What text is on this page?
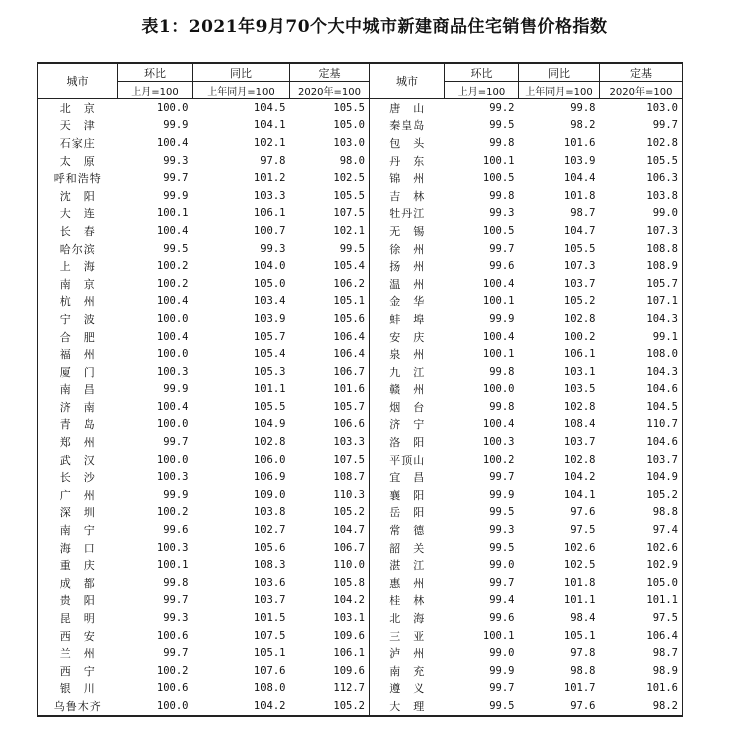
表1：2021年9月70个大中城市新建商品住宅销售价格指数
城市	环比	同比	定基	城市	环比	同比	定基
	上月=100	上年同月=100	2020年=100		上月=100	上年同月=100	2020年=100
北　京	100.0	104.5	105.5	唐　山	99.2	99.8	103.0
天　津	99.9	104.1	105.0	秦皇岛	99.5	98.2	99.7
石家庄	100.4	102.1	103.0	包　头	99.8	101.6	102.8
太　原	99.3	97.8	98.0	丹　东	100.1	103.9	105.5
呼和浩特	99.7	101.2	102.5	锦　州	100.5	104.4	106.3
沈　阳	99.9	103.3	105.5	吉　林	99.8	101.8	103.8
大　连	100.1	106.1	107.5	牡丹江	99.3	98.7	99.0
长　春	100.4	100.7	102.1	无　锡	100.5	104.7	107.3
哈尔滨	99.5	99.3	99.5	徐　州	99.7	105.5	108.8
上　海	100.2	104.0	105.4	扬　州	99.6	107.3	108.9
南　京	100.2	105.0	106.2	温　州	100.4	103.7	105.7
杭　州	100.4	103.4	105.1	金　华	100.1	105.2	107.1
宁　波	100.0	103.9	105.6	蚌　埠	99.9	102.8	104.3
合　肥	100.4	105.7	106.4	安　庆	100.4	100.2	99.1
福　州	100.0	105.4	106.4	泉　州	100.1	106.1	108.0
厦　门	100.3	105.3	106.7	九　江	99.8	103.1	104.3
南　昌	99.9	101.1	101.6	赣　州	100.0	103.5	104.6
济　南	100.4	105.5	105.7	烟　台	99.8	102.8	104.5
青　岛	100.0	104.9	106.6	济　宁	100.4	108.4	110.7
郑　州	99.7	102.8	103.3	洛　阳	100.3	103.7	104.6
武　汉	100.0	106.0	107.5	平顶山	100.2	102.8	103.7
长　沙	100.3	106.9	108.7	宜　昌	99.7	104.2	104.9
广　州	99.9	109.0	110.3	襄　阳	99.9	104.1	105.2
深　圳	100.2	103.8	105.2	岳　阳	99.5	97.6	98.8
南　宁	99.6	102.7	104.7	常　德	99.3	97.5	97.4
海　口	100.3	105.6	106.7	韶　关	99.5	102.6	102.6
重　庆	100.1	108.3	110.0	湛　江	99.0	102.5	102.9
成　都	99.8	103.6	105.8	惠　州	99.7	101.8	105.0
贵　阳	99.7	103.7	104.2	桂　林	99.4	101.1	101.1
昆　明	99.3	101.5	103.1	北　海	99.6	98.4	97.5
西　安	100.6	107.5	109.6	三　亚	100.1	105.1	106.4
兰　州	99.7	105.1	106.1	泸　州	99.0	97.8	98.7
西　宁	100.2	107.6	109.6	南　充	99.9	98.8	98.9
银　川	100.6	108.0	112.7	遵　义	99.7	101.7	101.6
乌鲁木齐	100.0	104.2	105.2	大　理	99.5	97.6	98.2
